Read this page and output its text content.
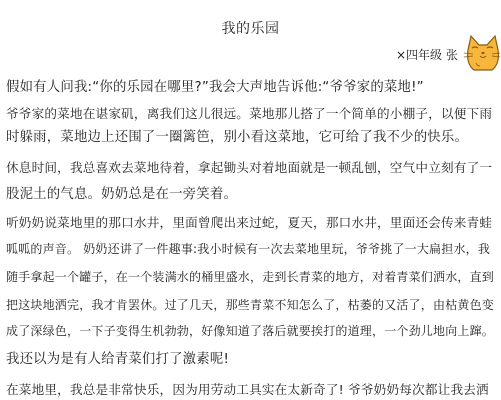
我的乐园
×四年级 张
假如有人问我:“你的乐园在哪里?”我会大声地告诉他:“爷爷家的菜地!”
爷爷家的菜地在谌家矶，离我们这儿很远。菜地那儿搭了一个简单的小棚子，以便下雨
时躲雨，菜地边上还围了一圈篱笆，别小看这菜地，它可给了我不少的快乐。
休息时间，我总喜欢去菜地待着，拿起锄头对着地面就是一顿乱刨，空气中立刻有了一
股泥土的气息。奶奶总是在一旁笑着。
听奶奶说菜地里的那口水井，里面曾爬出来过蛇，夏天，那口水井，里面还会传来青蛙
呱呱的声音。 奶奶还讲了一件趣事:我小时候有一次去菜地里玩，爷爷挑了一大扁担水，我
随手拿起一个罐子，在一个装满水的桶里盛水，走到长青菜的地方，对着青菜们洒水，直到
把这块地洒完，我才肯罢休。过了几天，那些青菜不知怎么了，枯萎的又活了，由枯黄色变
成了深绿色，一下子变得生机勃勃，好像知道了落后就要挨打的道理，一个劲儿地向上蹿。
我还以为是有人给青菜们打了激素呢!
在菜地里，我总是非常快乐，因为用劳动工具实在太新奇了! 爷爷奶奶每次都让我去洒
